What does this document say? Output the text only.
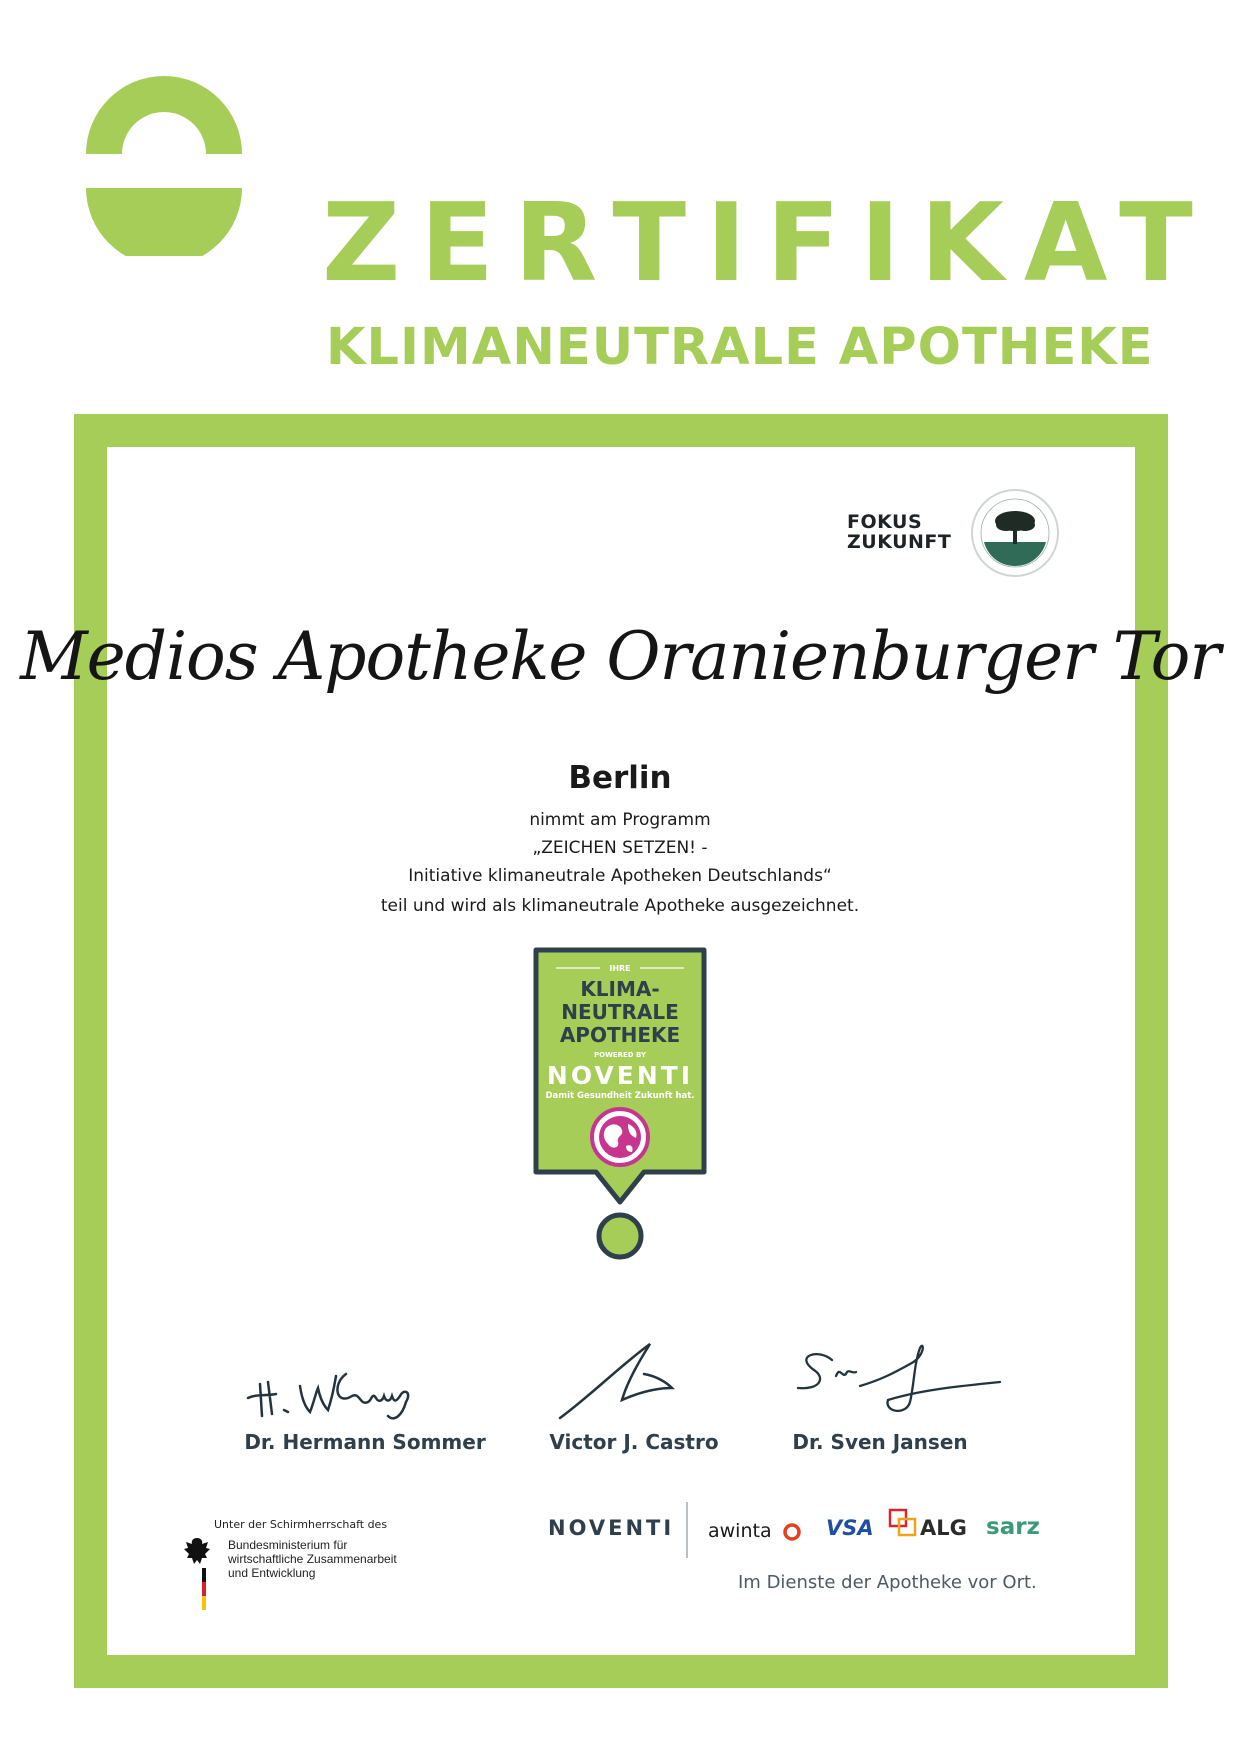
ZERTIFIKAT
KLIMANEUTRALE APOTHEKE
FOKUS
ZUKUNFT
Medios Apotheke Oranienburger Tor
Berlin
nimmt am Programm
„ZEICHEN SETZEN! -
Initiative klimaneutrale Apotheken Deutschlands“
teil und wird als klimaneutrale Apotheke ausgezeichnet.
IHRE
KLIMA-
NEUTRALE
APOTHEKE
POWERED BY
NOVENTI
Damit Gesundheit Zukunft hat.
Dr. Hermann Sommer	Victor J. Castro	Dr. Sven Jansen
Unter der Schirmherrschaft des
Bundesministerium für
wirtschaftliche Zusammenarbeit
und Entwicklung
NOVENTI awinta	VSA ALG sarz
Im Dienste der Apotheke vor Ort.
